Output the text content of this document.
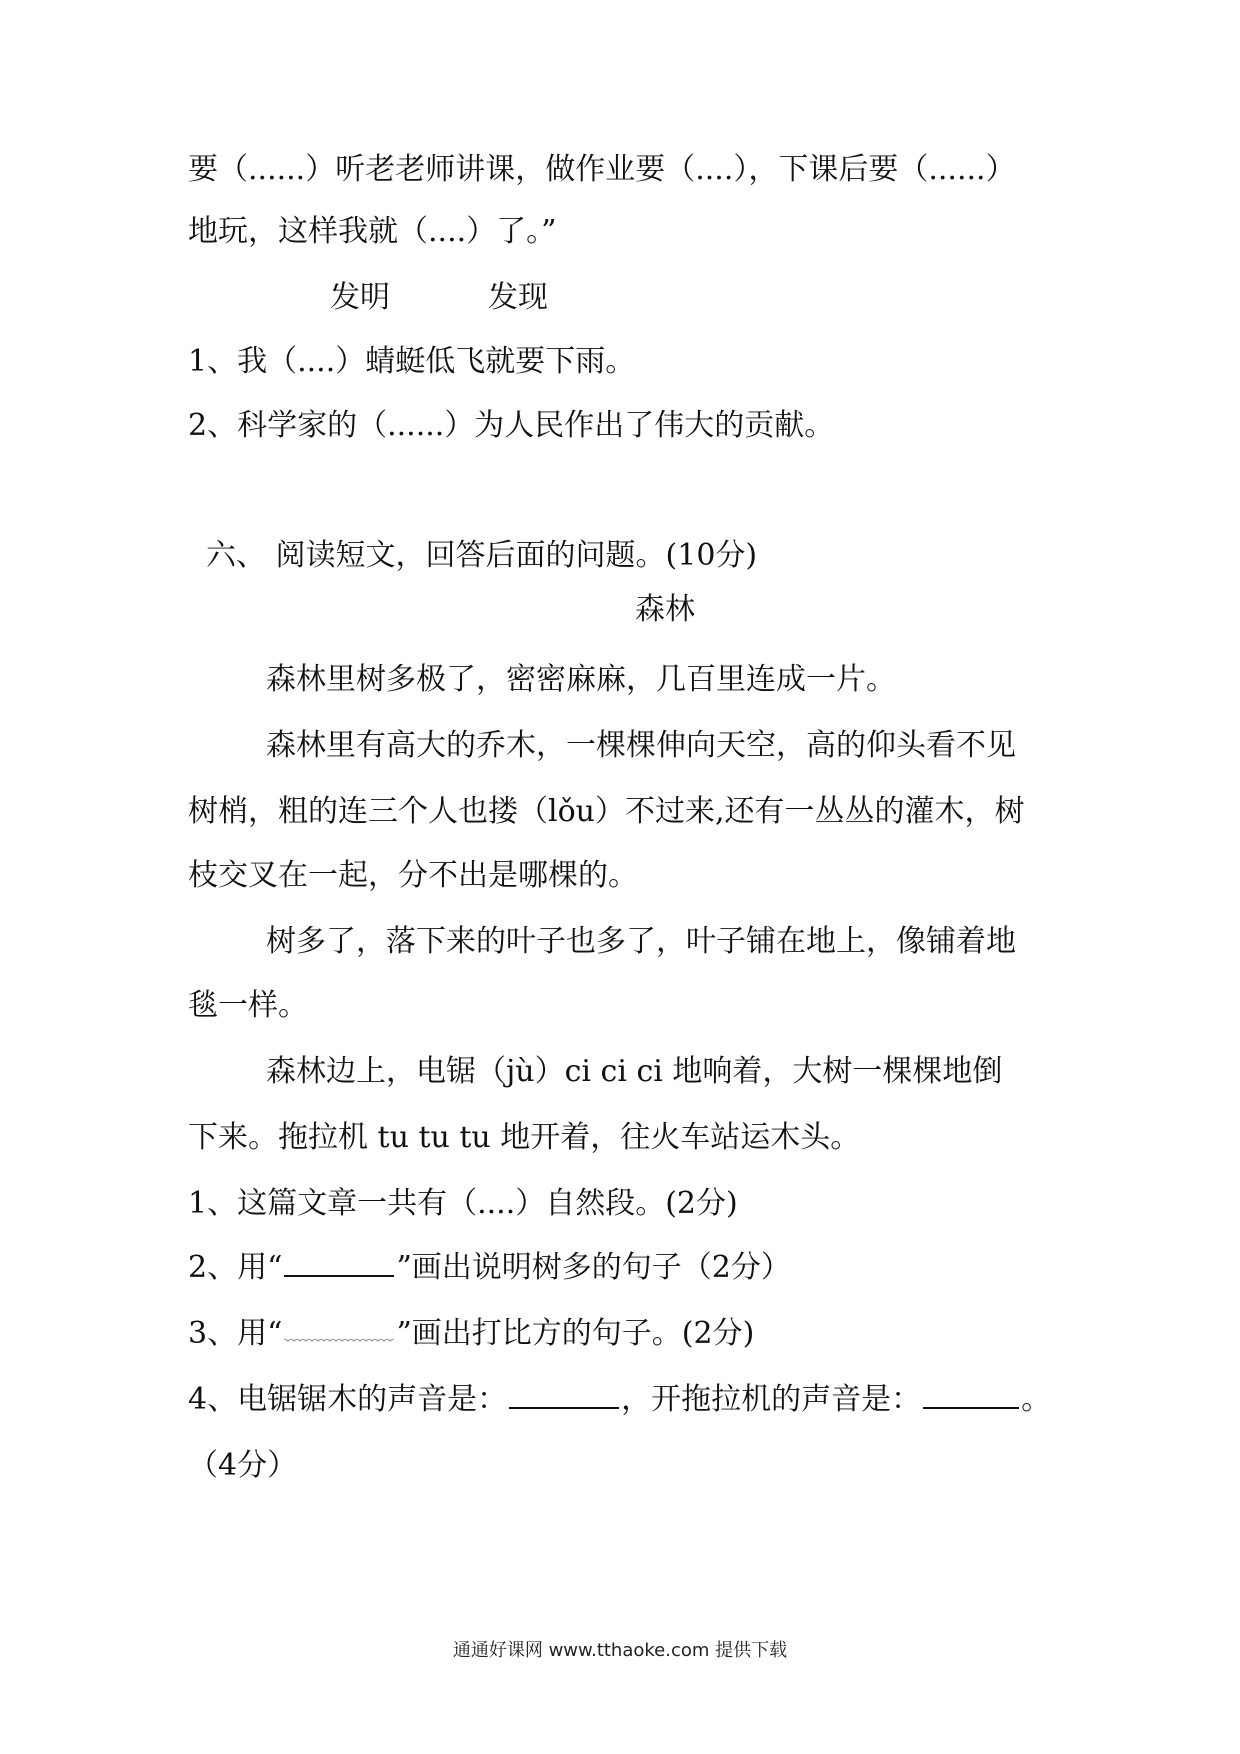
要（......）听老老师讲课，做作业要（....），下课后要（......）
地玩，这样我就（....）了。”
发明	发现
1、我（....）蜻蜓低飞就要下雨。
2、科学家的（......）为人民作出了伟大的贡献。
六、 阅读短文，回答后面的问题。(10分)
森林
森林里树多极了，密密麻麻，几百里连成一片。
森林里有高大的乔木，一棵棵伸向天空，高的仰头看不见
树梢，粗的连三个人也搂（lǒu）不过来,还有一丛丛的灌木，树
枝交叉在一起，分不出是哪棵的。
树多了，落下来的叶子也多了，叶子铺在地上，像铺着地
毯一样。
森林边上，电锯（jù）ci ci ci 地响着，大树一棵棵地倒
下来。拖拉机 tu tu tu 地开着，往火车站运木头。
1、这篇文章一共有（....）自然段。(2分)
2、用“	”画出说明树多的句子（2分）
3、用“	”画出打比方的句子。(2分)
4、电锯锯木的声音是：	，开拖拉机的声音是：	。
（4分）
通通好课网 www.tthaoke.com 提供下载
